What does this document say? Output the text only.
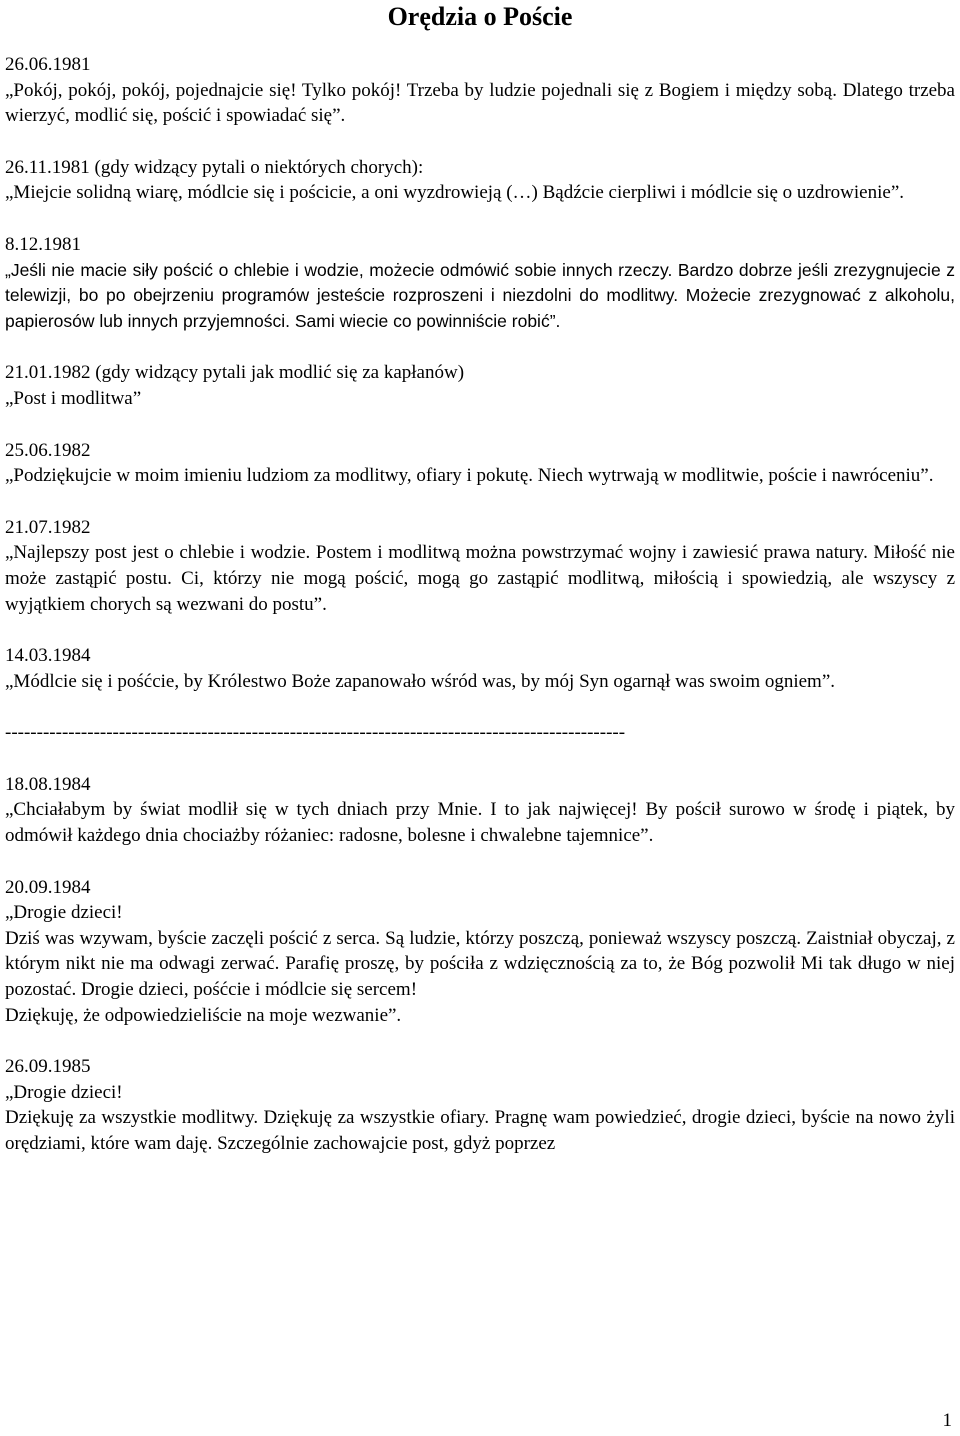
Orędzia o Poście
26.06.1981

„Pokój, pokój, pokój, pojednajcie się! Tylko pokój! Trzeba by ludzie pojednali się z Bogiem i między sobą. Dlatego trzeba wierzyć, modlić się, pościć i spowiadać się”.

26.11.1981 (gdy widzący pytali o niektórych chorych):

„Miejcie solidną wiarę, módlcie się i pościcie, a oni wyzdrowieją (…) Bądźcie cierpliwi i módlcie się o uzdrowienie”.

8.12.1981

„Jeśli nie macie siły pościć o chlebie i wodzie, możecie odmówić sobie innych rzeczy. Bardzo dobrze jeśli zrezygnujecie z telewizji, bo po obejrzeniu programów jesteście rozproszeni i niezdolni do modlitwy. Możecie zrezygnować z alkoholu, papierosów lub innych przyjemności. Sami wiecie co powinniście robić”.

21.01.1982 (gdy widzący pytali jak modlić się za kapłanów)

„Post i modlitwa”

25.06.1982

„Podziękujcie w moim imieniu ludziom za modlitwy, ofiary i pokutę. Niech wytrwają w modlitwie, poście i nawróceniu”.

21.07.1982

„Najlepszy post jest o chlebie i wodzie. Postem i modlitwą można powstrzymać wojny i zawiesić prawa natury. Miłość nie może zastąpić postu. Ci, którzy nie mogą pościć, mogą go zastąpić modlitwą, miłością i spowiedzią, ale wszyscy z wyjątkiem chorych są wezwani do postu”.

14.03.1984

„Módlcie się i pośćcie, by Królestwo Boże zapanowało wśród was, by mój Syn ogarnął was swoim ogniem”.

--------------------------------------------------------------------------------------------------
18.08.1984

„Chciałabym by świat modlił się w tych dniach przy Mnie. I to jak najwięcej! By pościł surowo w środę i piątek, by odmówił każdego dnia chociażby różaniec: radosne, bolesne i chwalebne tajemnice”.

20.09.1984

„Drogie dzieci!

Dziś was wzywam, byście zaczęli pościć z serca. Są ludzie, którzy poszczą, ponieważ wszyscy poszczą. Zaistniał obyczaj, z którym nikt nie ma odwagi zerwać. Parafię proszę, by pościła z wdzięcznością za to, że Bóg pozwolił Mi tak długo w niej pozostać. Drogie dzieci, pośćcie i módlcie się sercem!

Dziękuję, że odpowiedzieliście na moje wezwanie”.

26.09.1985

„Drogie dzieci!

Dziękuję za wszystkie modlitwy. Dziękuję za wszystkie ofiary. Pragnę wam powiedzieć, drogie dzieci, byście na nowo żyli orędziami, które wam daję. Szczególnie zachowajcie post, gdyż poprzez

1
